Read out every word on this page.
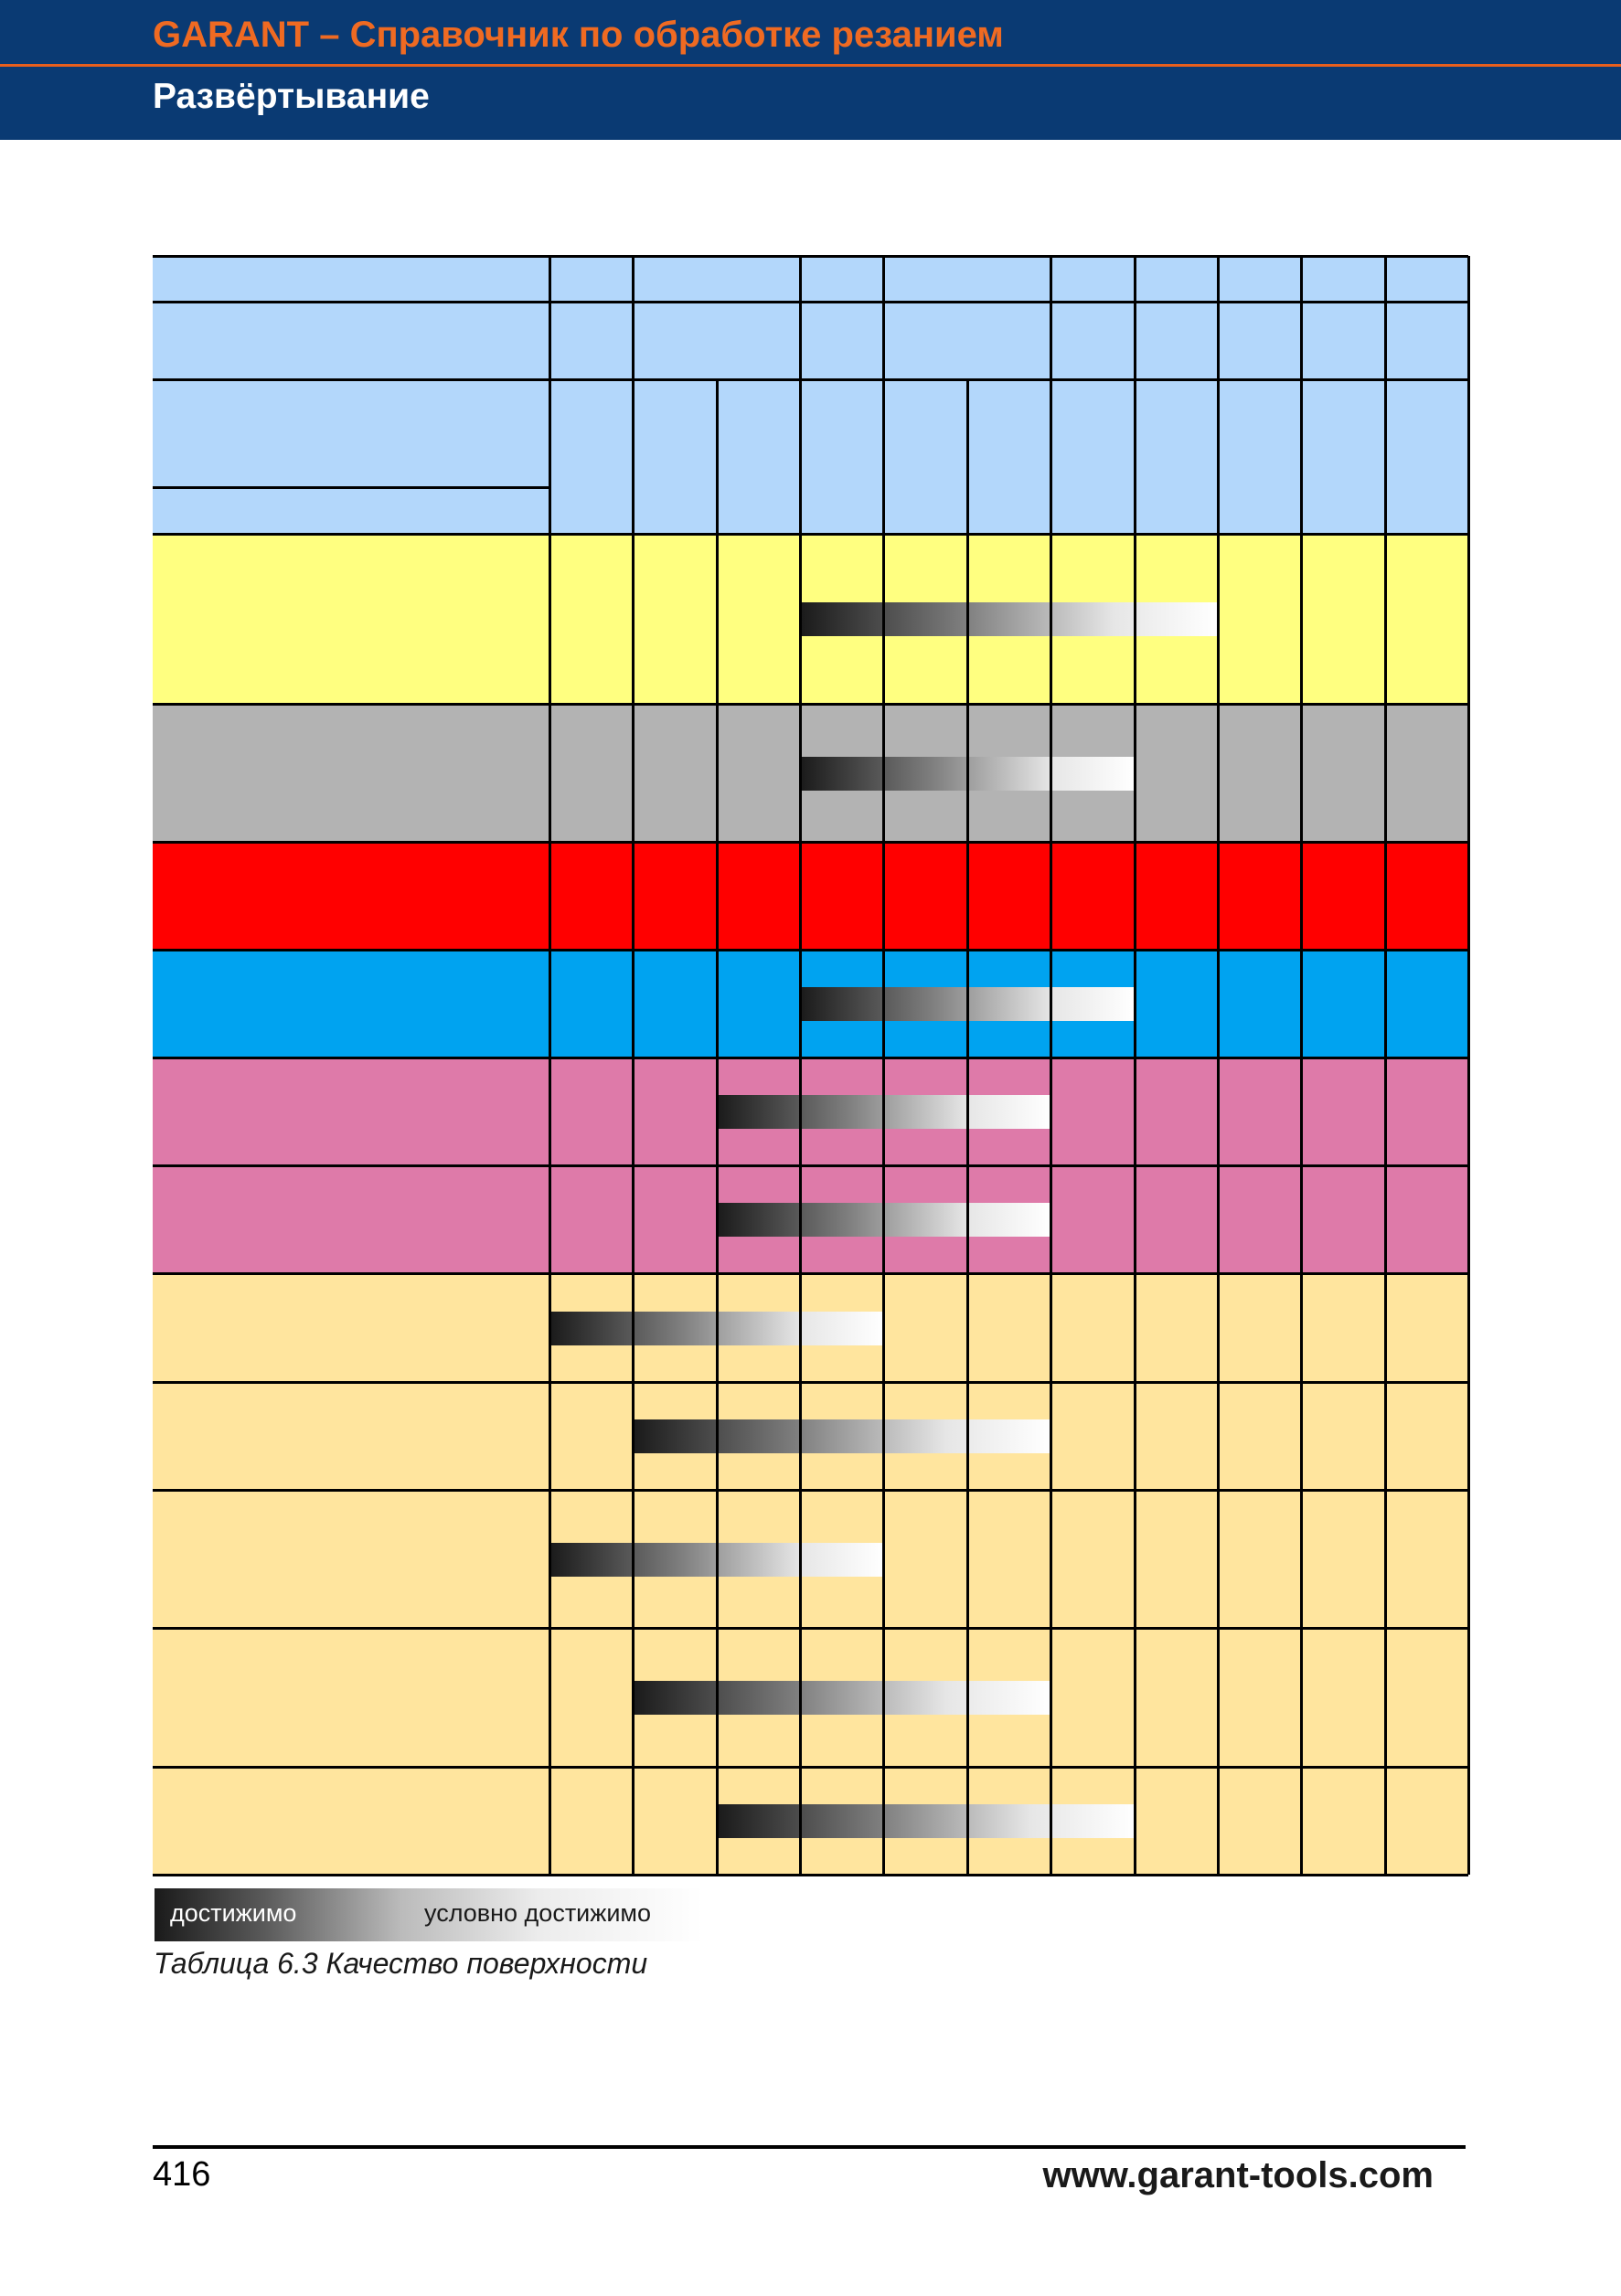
GARANT – Справочник по обработке резанием
Развёртывание
достижимо	условно достижимо
Таблица 6.3 Качество поверхности
416	www.garant-tools.com
